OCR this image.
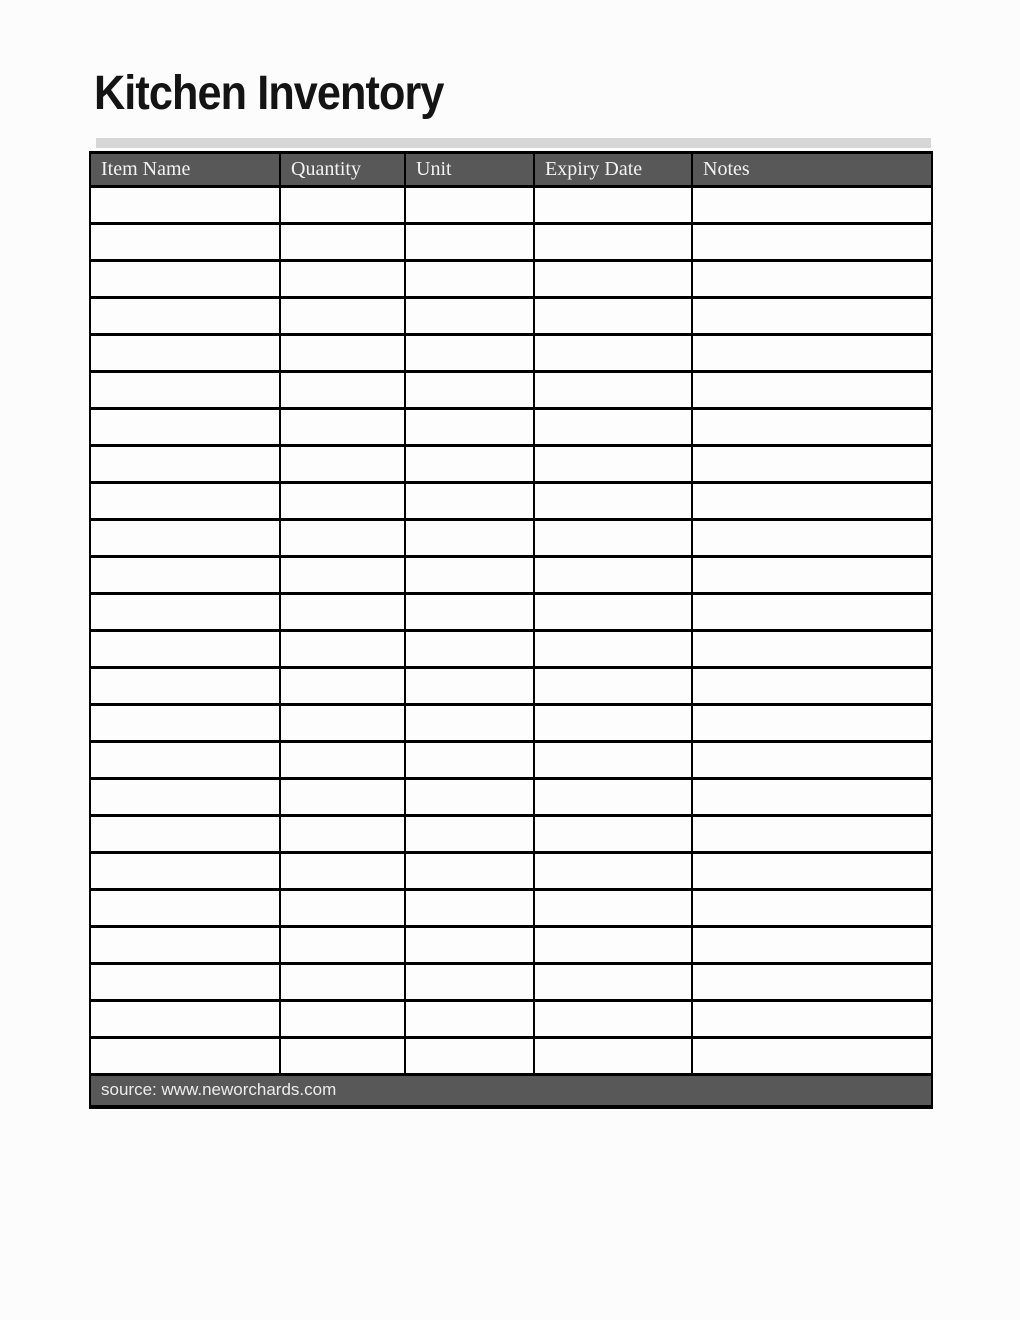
Kitchen Inventory
Item Name	Quantity	Unit	Expiry Date	Notes

source: www.neworchards.com				
